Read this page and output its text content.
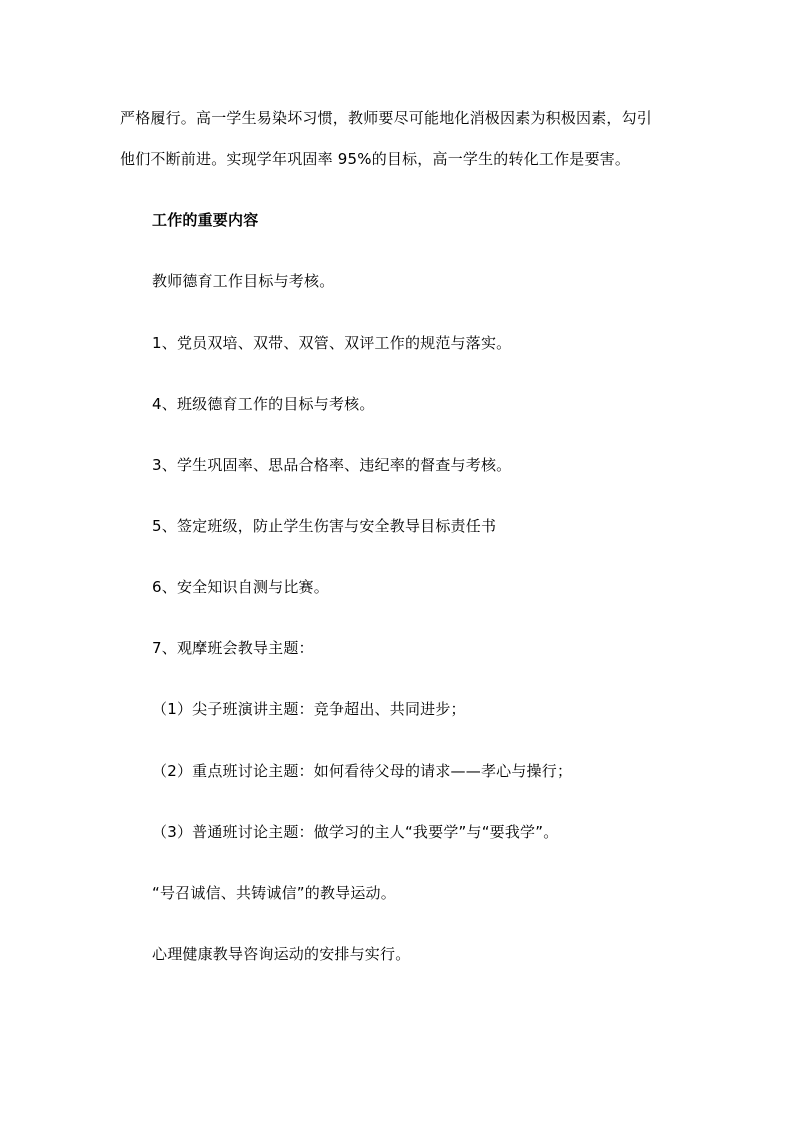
严格履行。高一学生易染坏习惯，教师要尽可能地化消极因素为积极因素，勾引
他们不断前进。实现学年巩固率 95%的目标，高一学生的转化工作是要害。
工作的重要内容
教师德育工作目标与考核。
1、党员双培、双带、双管、双评工作的规范与落实。
4、班级德育工作的目标与考核。
3、学生巩固率、思品合格率、违纪率的督查与考核。
5、签定班级，防止学生伤害与安全教导目标责任书
6、安全知识自测与比赛。
7、观摩班会教导主题：
（1）尖子班演讲主题：竞争超出、共同进步；
（2）重点班讨论主题：如何看待父母的请求——孝心与操行；
（3）普通班讨论主题：做学习的主人“我要学”与“要我学”。
“号召诚信、共铸诚信”的教导运动。
心理健康教导咨询运动的安排与实行。
